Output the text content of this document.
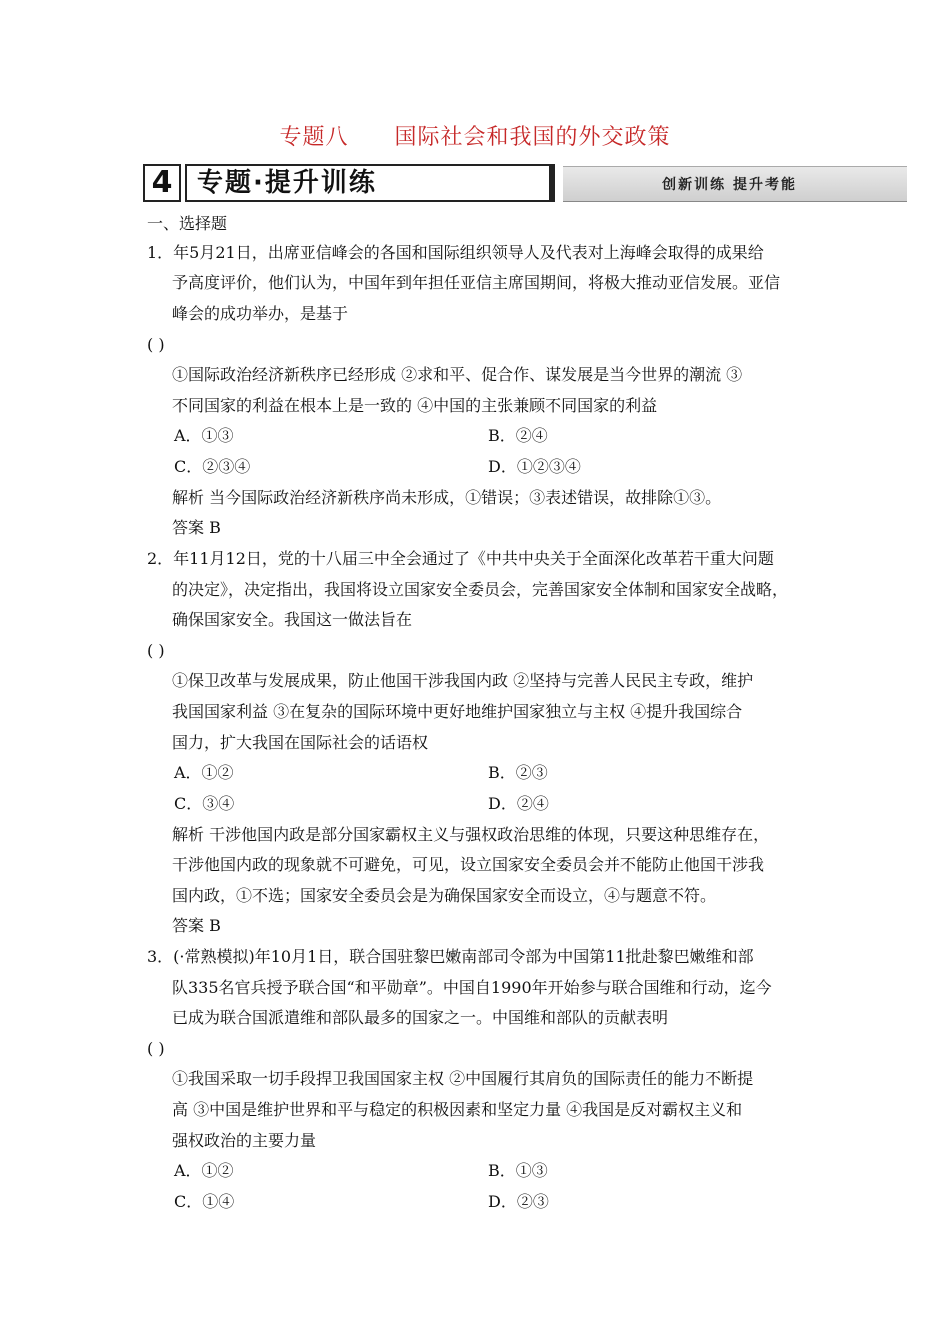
专题八 国际社会和我国的外交政策
4 专题·提升训练	创新训练 提升考能
一、选择题
1．年5月21日，出席亚信峰会的各国和国际组织领导人及代表对上海峰会取得的成果给
予高度评价，他们认为，中国年到年担任亚信主席国期间，将极大推动亚信发展。亚信
峰会的成功举办，是基于
( )
①国际政治经济新秩序已经形成 ②求和平、促合作、谋发展是当今世界的潮流 ③
不同国家的利益在根本上是一致的 ④中国的主张兼顾不同国家的利益
A．①③	B．②④
C．②③④	D．①②③④
解析 当今国际政治经济新秩序尚未形成，①错误；③表述错误，故排除①③。
答案 B
2．年11月12日，党的十八届三中全会通过了《中共中央关于全面深化改革若干重大问题
的决定》，决定指出，我国将设立国家安全委员会，完善国家安全体制和国家安全战略，
确保国家安全。我国这一做法旨在
( )
①保卫改革与发展成果，防止他国干涉我国内政 ②坚持与完善人民民主专政，维护
我国国家利益 ③在复杂的国际环境中更好地维护国家独立与主权 ④提升我国综合
国力，扩大我国在国际社会的话语权
A．①②	B．②③
C．③④	D．②④
解析 干涉他国内政是部分国家霸权主义与强权政治思维的体现，只要这种思维存在，
干涉他国内政的现象就不可避免，可见，设立国家安全委员会并不能防止他国干涉我
国内政，①不选；国家安全委员会是为确保国家安全而设立，④与题意不符。
答案 B
3．(·常熟模拟)年10月1日，联合国驻黎巴嫩南部司令部为中国第11批赴黎巴嫩维和部
队335名官兵授予联合国“和平勋章”。中国自1990年开始参与联合国维和行动，迄今
已成为联合国派遣维和部队最多的国家之一。中国维和部队的贡献表明
( )
①我国采取一切手段捍卫我国国家主权 ②中国履行其肩负的国际责任的能力不断提
高 ③中国是维护世界和平与稳定的积极因素和坚定力量 ④我国是反对霸权主义和
强权政治的主要力量
A．①②	B．①③
C．①④	D．②③
